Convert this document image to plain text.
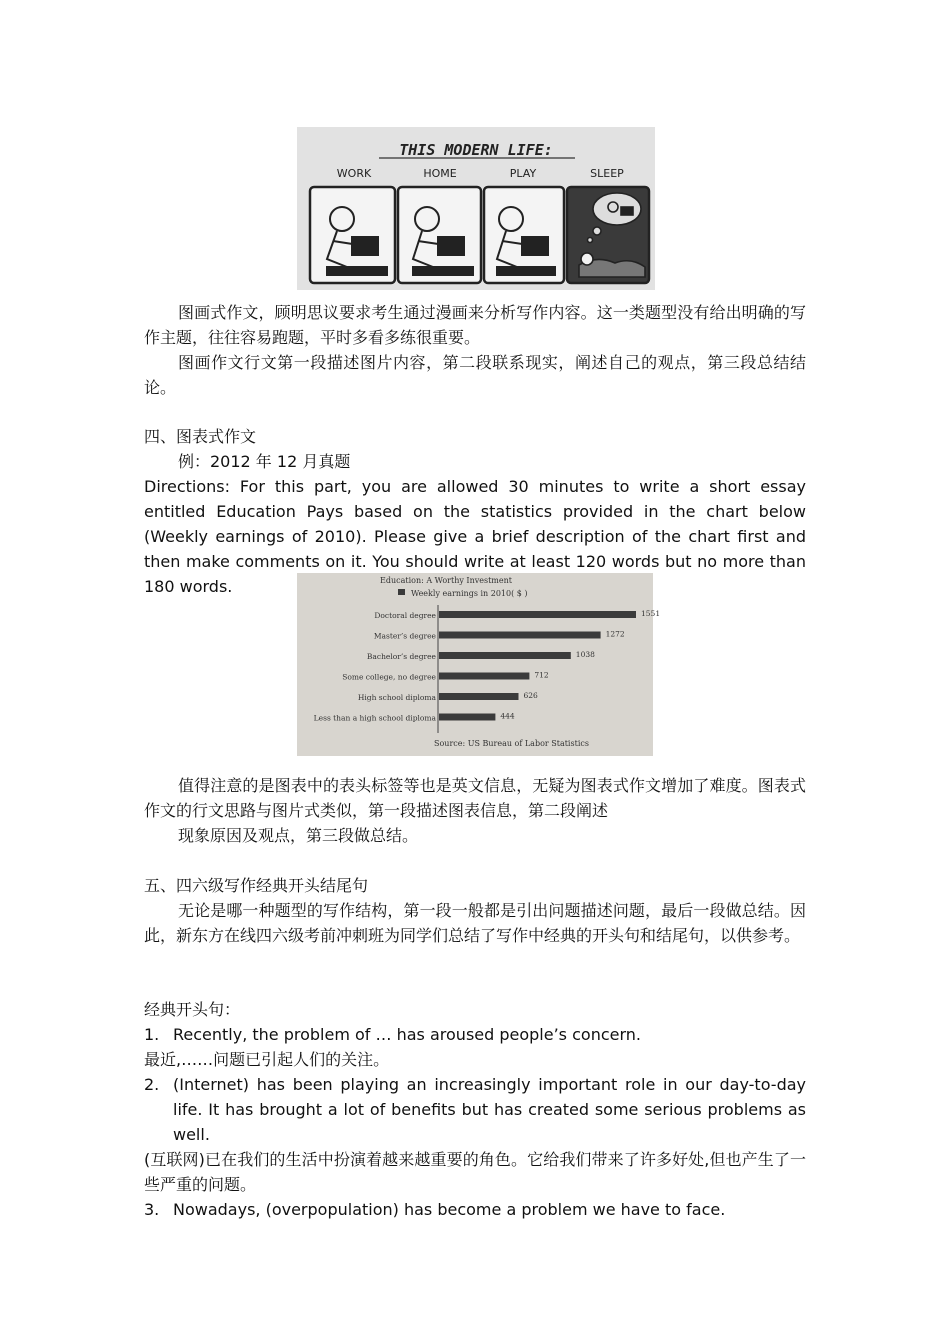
THIS MODERN LIFE:
WORK	HOME	PLAY	SLEEP

图画式作文，顾明思议要求考生通过漫画来分析写作内容。这一类题型没有给出明确的写作主题，往往容易跑题，平时多看多练很重要。

图画作文行文第一段描述图片内容，第二段联系现实，阐述自己的观点，第三段总结结论。

四、图表式作文

例：2012 年 12 月真题

Directions: For this part, you are allowed 30 minutes to write a short essay entitled Education Pays based on the statistics provided in the chart below (Weekly earnings of 2010). Please give a brief description of the chart first and then make comments on it. You should write at least 120 words but no more than 180 words.	Education: A Worthy Investment
Weekly earnings in 2010( $ )
Doctoral degree	1551
Master’s degree	1272
Bachelor’s degree	1038
Some college, no degree	712
High school diploma	626
Less than a high school diploma	444
Source: US Bureau of Labor Statistics

值得注意的是图表中的表头标签等也是英文信息，无疑为图表式作文增加了难度。图表式作文的行文思路与图片式类似，第一段描述图表信息，第二段阐述

现象原因及观点，第三段做总结。

五、四六级写作经典开头结尾句

无论是哪一种题型的写作结构，第一段一般都是引出问题描述问题，最后一段做总结。因此，新东方在线四六级考前冲刺班为同学们总结了写作中经典的开头句和结尾句，以供参考。

经典开头句：

1. Recently, the problem of … has aroused people’s concern.

最近,……问题已引起人们的关注。

2. (Internet) has been playing an increasingly important role in our day-to-day life. It has brought a lot of benefits but has created some serious problems as well.

(互联网)已在我们的生活中扮演着越来越重要的角色。它给我们带来了许多好处,但也产生了一些严重的问题。

3. Nowadays, (overpopulation) has become a problem we have to face.
